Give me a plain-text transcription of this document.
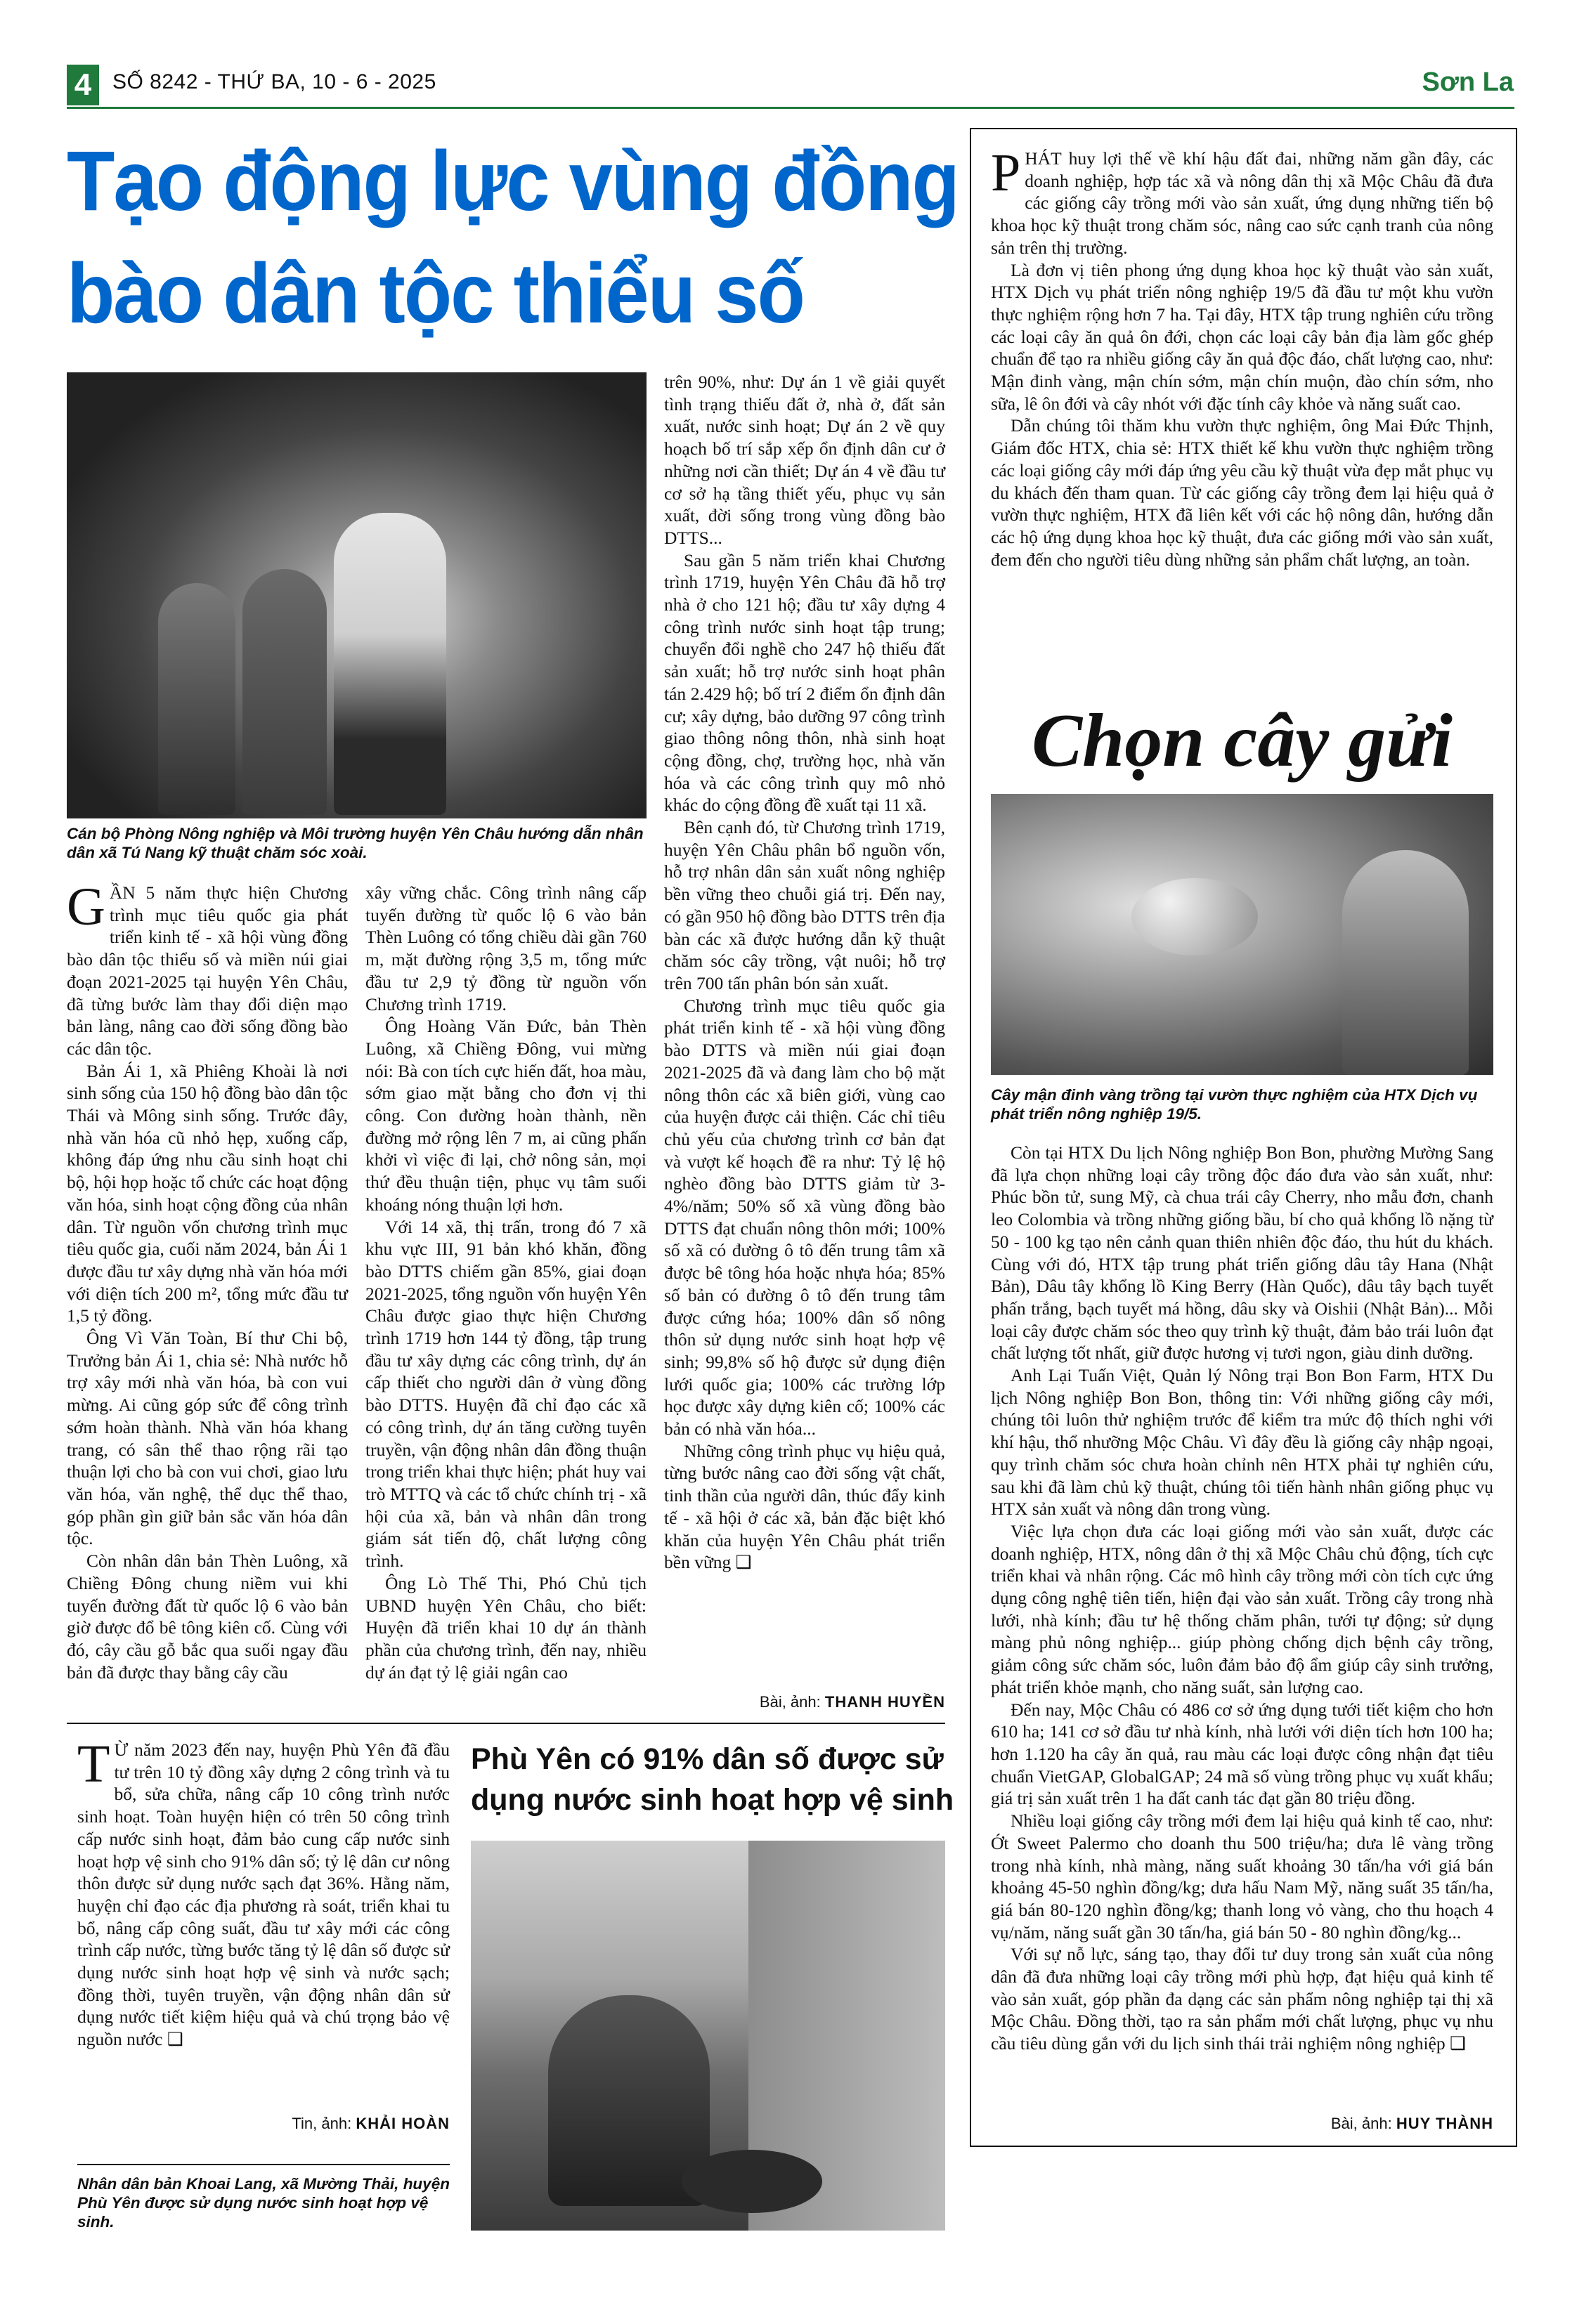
4 SỐ 8242 - THỨ BA, 10 - 6 - 2025	Sơn La
Tạo động lực vùng đồng bào dân tộc thiểu số
Cán bộ Phòng Nông nghiệp và Môi trường huyện Yên Châu hướng dẫn nhân dân xã Tú Nang kỹ thuật chăm sóc xoài.

GẦN 5 năm thực hiện Chương trình mục tiêu quốc gia phát triển kinh tế - xã hội vùng đồng bào dân tộc thiểu số và miền núi giai đoạn 2021-2025 tại huyện Yên Châu, đã từng bước làm thay đổi diện mạo bản làng, nâng cao đời sống đồng bào các dân tộc.

Bản Ái 1, xã Phiêng Khoài là nơi sinh sống của 150 hộ đồng bào dân tộc Thái và Mông sinh sống. Trước đây, nhà văn hóa cũ nhỏ hẹp, xuống cấp, không đáp ứng nhu cầu sinh hoạt chi bộ, hội họp hoặc tổ chức các hoạt động văn hóa, sinh hoạt cộng đồng của nhân dân. Từ nguồn vốn chương trình mục tiêu quốc gia, cuối năm 2024, bản Ái 1 được đầu tư xây dựng nhà văn hóa mới với diện tích 200 m², tổng mức đầu tư 1,5 tỷ đồng.

Ông Vì Văn Toàn, Bí thư Chi bộ, Trưởng bản Ái 1, chia sẻ: Nhà nước hỗ trợ xây mới nhà văn hóa, bà con vui mừng. Ai cũng góp sức để công trình sớm hoàn thành. Nhà văn hóa khang trang, có sân thể thao rộng rãi tạo thuận lợi cho bà con vui chơi, giao lưu văn hóa, văn nghệ, thể dục thể thao, góp phần gìn giữ bản sắc văn hóa dân tộc.

Còn nhân dân bản Thèn Luông, xã Chiềng Đông chung niềm vui khi tuyến đường đất từ quốc lộ 6 vào bản giờ được đổ bê tông kiên cố. Cùng với đó, cây cầu gỗ bắc qua suối ngay đầu bản đã được thay bằng cây cầu

xây vững chắc. Công trình nâng cấp tuyến đường từ quốc lộ 6 vào bản Thèn Luông có tổng chiều dài gần 760 m, mặt đường rộng 3,5 m, tổng mức đầu tư 2,9 tỷ đồng từ nguồn vốn Chương trình 1719.

Ông Hoàng Văn Đức, bản Thèn Luông, xã Chiềng Đông, vui mừng nói: Bà con tích cực hiến đất, hoa màu, sớm giao mặt bằng cho đơn vị thi công. Con đường hoàn thành, nền đường mở rộng lên 7 m, ai cũng phấn khởi vì việc đi lại, chở nông sản, mọi thứ đều thuận tiện, phục vụ tâm suối khoáng nóng thuận lợi hơn.

Với 14 xã, thị trấn, trong đó 7 xã khu vực III, 91 bản khó khăn, đồng bào DTTS chiếm gần 85%, giai đoạn 2021-2025, tổng nguồn vốn huyện Yên Châu được giao thực hiện Chương trình 1719 hơn 144 tỷ đồng, tập trung đầu tư xây dựng các công trình, dự án cấp thiết cho người dân ở vùng đồng bào DTTS. Huyện đã chỉ đạo các xã có công trình, dự án tăng cường tuyên truyền, vận động nhân dân đồng thuận trong triển khai thực hiện; phát huy vai trò MTTQ và các tổ chức chính trị - xã hội của xã, bản và nhân dân trong giám sát tiến độ, chất lượng công trình.

Ông Lò Thế Thi, Phó Chủ tịch UBND huyện Yên Châu, cho biết: Huyện đã triển khai 10 dự án thành phần của chương trình, đến nay, nhiều dự án đạt tỷ lệ giải ngân cao

trên 90%, như: Dự án 1 về giải quyết tình trạng thiếu đất ở, nhà ở, đất sản xuất, nước sinh hoạt; Dự án 2 về quy hoạch bố trí sắp xếp ổn định dân cư ở những nơi cần thiết; Dự án 4 về đầu tư cơ sở hạ tầng thiết yếu, phục vụ sản xuất, đời sống trong vùng đồng bào DTTS...

Sau gần 5 năm triển khai Chương trình 1719, huyện Yên Châu đã hỗ trợ nhà ở cho 121 hộ; đầu tư xây dựng 4 công trình nước sinh hoạt tập trung; chuyển đổi nghề cho 247 hộ thiếu đất sản xuất; hỗ trợ nước sinh hoạt phân tán 2.429 hộ; bố trí 2 điểm ổn định dân cư; xây dựng, bảo dưỡng 97 công trình giao thông nông thôn, nhà sinh hoạt cộng đồng, chợ, trường học, nhà văn hóa và các công trình quy mô nhỏ khác do cộng đồng đề xuất tại 11 xã.

Bên cạnh đó, từ Chương trình 1719, huyện Yên Châu phân bổ nguồn vốn, hỗ trợ nhân dân sản xuất nông nghiệp bền vững theo chuỗi giá trị. Đến nay, có gần 950 hộ đồng bào DTTS trên địa bàn các xã được hướng dẫn kỹ thuật chăm sóc cây trồng, vật nuôi; hỗ trợ trên 700 tấn phân bón sản xuất.

Chương trình mục tiêu quốc gia phát triển kinh tế - xã hội vùng đồng bào DTTS và miền núi giai đoạn 2021-2025 đã và đang làm cho bộ mặt nông thôn các xã biên giới, vùng cao của huyện được cải thiện. Các chỉ tiêu chủ yếu của chương trình cơ bản đạt và vượt kế hoạch đề ra như: Tỷ lệ hộ nghèo đồng bào DTTS giảm từ 3-4%/năm; 50% số xã vùng đồng bào DTTS đạt chuẩn nông thôn mới; 100% số xã có đường ô tô đến trung tâm xã được bê tông hóa hoặc nhựa hóa; 85% số bản có đường ô tô đến trung tâm được cứng hóa; 100% dân số nông thôn sử dụng nước sinh hoạt hợp vệ sinh; 99,8% số hộ được sử dụng điện lưới quốc gia; 100% các trường lớp học được xây dựng kiên cố; 100% các bản có nhà văn hóa...

Những công trình phục vụ hiệu quả, từng bước nâng cao đời sống vật chất, tinh thần của người dân, thúc đẩy kinh tế - xã hội ở các xã, bản đặc biệt khó khăn của huyện Yên Châu phát triển bền vững ❑

Bài, ảnh: THANH HUYỀN

T Ừ năm 2023 đến nay, huyện Phù Yên đã đầu tư trên 10 tỷ đồng xây dựng 2 công trình và tu bổ, sửa chữa, nâng cấp 10 công trình nước sinh hoạt. Toàn huyện hiện có trên 50 công trình cấp nước sinh hoạt, đảm bảo cung cấp nước sinh hoạt hợp vệ sinh cho 91% dân số; tỷ lệ dân cư nông thôn được sử dụng nước sạch đạt 36%. Hằng năm, huyện chỉ đạo các địa phương rà soát, triển khai tu bổ, nâng cấp công suất, đầu tư xây mới các công trình cấp nước, từng bước tăng tỷ lệ dân số được sử dụng nước sinh hoạt hợp vệ sinh và nước sạch; đồng thời, tuyên truyền, vận động nhân dân sử dụng nước tiết kiệm hiệu quả và chú trọng bảo vệ nguồn nước ❑

Tin, ảnh: KHẢI HOÀN
Nhân dân bản Khoai Lang, xã Mường Thải, huyện Phù Yên được sử dụng nước sinh hoạt hợp vệ sinh.
Phù Yên có 91% dân số được sử dụng nước sinh hoạt hợp vệ sinh

PHÁT huy lợi thế về khí hậu đất đai, những năm gần đây, các doanh nghiệp, hợp tác xã và nông dân thị xã Mộc Châu đã đưa các giống cây trồng mới vào sản xuất, ứng dụng những tiến bộ khoa học kỹ thuật trong chăm sóc, nâng cao sức cạnh tranh của nông sản trên thị trường.

Là đơn vị tiên phong ứng dụng khoa học kỹ thuật vào sản xuất, HTX Dịch vụ phát triển nông nghiệp 19/5 đã đầu tư một khu vườn thực nghiệm rộng hơn 7 ha. Tại đây, HTX tập trung nghiên cứu trồng các loại cây ăn quả ôn đới, chọn các loại cây bản địa làm gốc ghép chuẩn để tạo ra nhiều giống cây ăn quả độc đáo, chất lượng cao, như: Mận đinh vàng, mận chín sớm, mận chín muộn, đào chín sớm, nho sữa, lê ôn đới và cây nhót với đặc tính cây khỏe và năng suất cao.

Dẫn chúng tôi thăm khu vườn thực nghiệm, ông Mai Đức Thịnh, Giám đốc HTX, chia sẻ: HTX thiết kế khu vườn thực nghiệm trồng các loại giống cây mới đáp ứng yêu cầu kỹ thuật vừa đẹp mắt phục vụ du khách đến tham quan. Từ các giống cây trồng đem lại hiệu quả ở vườn thực nghiệm, HTX đã liên kết với các hộ nông dân, hướng dẫn các hộ ứng dụng khoa học kỹ thuật, đưa các giống mới vào sản xuất, đem đến cho người tiêu dùng những sản phẩm chất lượng, an toàn.

Chọn cây gửi
Cây mận đinh vàng trồng tại vườn thực nghiệm của HTX Dịch vụ phát triển nông nghiệp 19/5.

Còn tại HTX Du lịch Nông nghiệp Bon Bon, phường Mường Sang đã lựa chọn những loại cây trồng độc đáo đưa vào sản xuất, như: Phúc bồn tử, sung Mỹ, cà chua trái cây Cherry, nho mẫu đơn, chanh leo Colombia và trồng những giống bầu, bí cho quả khổng lồ nặng từ 50 - 100 kg tạo nên cảnh quan thiên nhiên độc đáo, thu hút du khách. Cùng với đó, HTX tập trung phát triển giống dâu tây Hana (Nhật Bản), Dâu tây khổng lồ King Berry (Hàn Quốc), dâu tây bạch tuyết phấn trắng, bạch tuyết má hồng, dâu sky và Oishii (Nhật Bản)... Mỗi loại cây được chăm sóc theo quy trình kỹ thuật, đảm bảo trái luôn đạt chất lượng tốt nhất, giữ được hương vị tươi ngon, giàu dinh dưỡng.

Anh Lại Tuấn Việt, Quản lý Nông trại Bon Bon Farm, HTX Du lịch Nông nghiệp Bon Bon, thông tin: Với những giống cây mới, chúng tôi luôn thử nghiệm trước để kiểm tra mức độ thích nghi với khí hậu, thổ nhưỡng Mộc Châu. Vì đây đều là giống cây nhập ngoại, quy trình chăm sóc chưa hoàn chỉnh nên HTX phải tự nghiên cứu, sau khi đã làm chủ kỹ thuật, chúng tôi tiến hành nhân giống phục vụ HTX sản xuất và nông dân trong vùng.

Việc lựa chọn đưa các loại giống mới vào sản xuất, được các doanh nghiệp, HTX, nông dân ở thị xã Mộc Châu chủ động, tích cực triển khai và nhân rộng. Các mô hình cây trồng mới còn tích cực ứng dụng công nghệ tiên tiến, hiện đại vào sản xuất. Trồng cây trong nhà lưới, nhà kính; đầu tư hệ thống chăm phân, tưới tự động; sử dụng màng phủ nông nghiệp... giúp phòng chống dịch bệnh cây trồng, giảm công sức chăm sóc, luôn đảm bảo độ ẩm giúp cây sinh trưởng, phát triển khỏe mạnh, cho năng suất, sản lượng cao.

Đến nay, Mộc Châu có 486 cơ sở ứng dụng tưới tiết kiệm cho hơn 610 ha; 141 cơ sở đầu tư nhà kính, nhà lưới với diện tích hơn 100 ha; hơn 1.120 ha cây ăn quả, rau màu các loại được công nhận đạt tiêu chuẩn VietGAP, GlobalGAP; 24 mã số vùng trồng phục vụ xuất khẩu; giá trị sản xuất trên 1 ha đất canh tác đạt gần 80 triệu đồng.

Nhiều loại giống cây trồng mới đem lại hiệu quả kinh tế cao, như: Ớt Sweet Palermo cho doanh thu 500 triệu/ha; dưa lê vàng trồng trong nhà kính, nhà màng, năng suất khoảng 30 tấn/ha với giá bán khoảng 45-50 nghìn đồng/kg; dưa hấu Nam Mỹ, năng suất 35 tấn/ha, giá bán 80-120 nghìn đồng/kg; thanh long vỏ vàng, cho thu hoạch 4 vụ/năm, năng suất gần 30 tấn/ha, giá bán 50 - 80 nghìn đồng/kg...

Với sự nỗ lực, sáng tạo, thay đổi tư duy trong sản xuất của nông dân đã đưa những loại cây trồng mới phù hợp, đạt hiệu quả kinh tế vào sản xuất, góp phần đa dạng các sản phẩm nông nghiệp tại thị xã Mộc Châu. Đồng thời, tạo ra sản phẩm mới chất lượng, phục vụ nhu cầu tiêu dùng gắn với du lịch sinh thái trải nghiệm nông nghiệp ❑

Bài, ảnh: HUY THÀNH
